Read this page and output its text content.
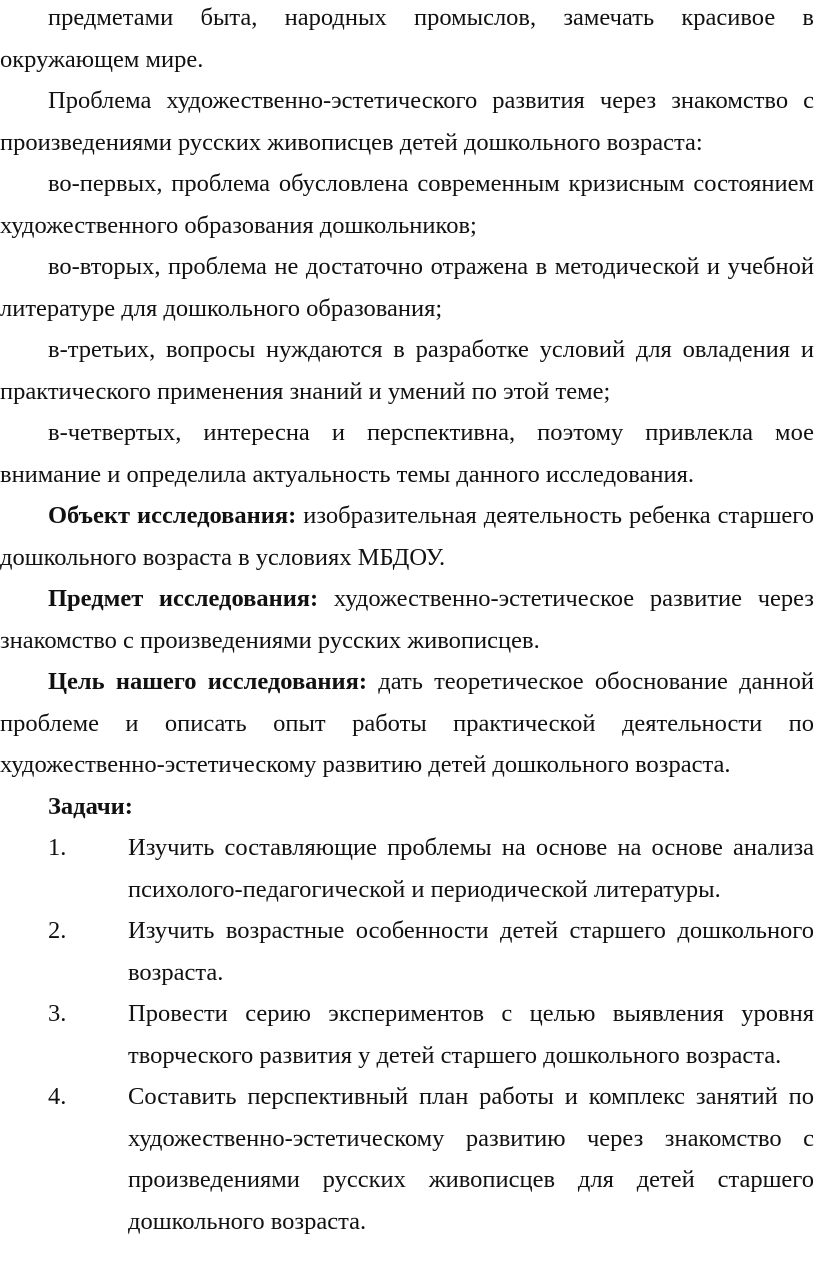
предметами быта, народных промыслов, замечать красивое в окружающем мире.

Проблема художественно-эстетического развития через знакомство с произведениями русских живописцев детей дошкольного возраста:

во-первых, проблема обусловлена современным кризисным состоянием художественного образования дошкольников;

во-вторых, проблема не достаточно отражена в методической и учебной литературе для дошкольного образования;

в-третьих, вопросы нуждаются в разработке условий для овладения и практического применения знаний и умений по этой теме;

в-четвертых, интересна и перспективна, поэтому привлекла мое внимание и определила актуальность темы данного исследования.

Объект исследования: изобразительная деятельность ребенка старшего дошкольного возраста в условиях МБДОУ.

Предмет исследования: художественно-эстетическое развитие через знакомство с произведениями русских живописцев.

Цель нашего исследования: дать теоретическое обоснование данной проблеме и описать опыт работы практической деятельности по художественно-эстетическому развитию детей дошкольного возраста.

Задачи:

1.	Изучить составляющие проблемы на основе на основе анализа психолого-педагогической и периодической литературы.
2.	Изучить возрастные особенности детей старшего дошкольного возраста.
3.	Провести серию экспериментов с целью выявления уровня творческого развития у детей старшего дошкольного возраста.
4.	Составить перспективный план работы и комплекс занятий по художественно-эстетическому развитию через знакомство с произведениями русских живописцев для детей старшего дошкольного возраста.
